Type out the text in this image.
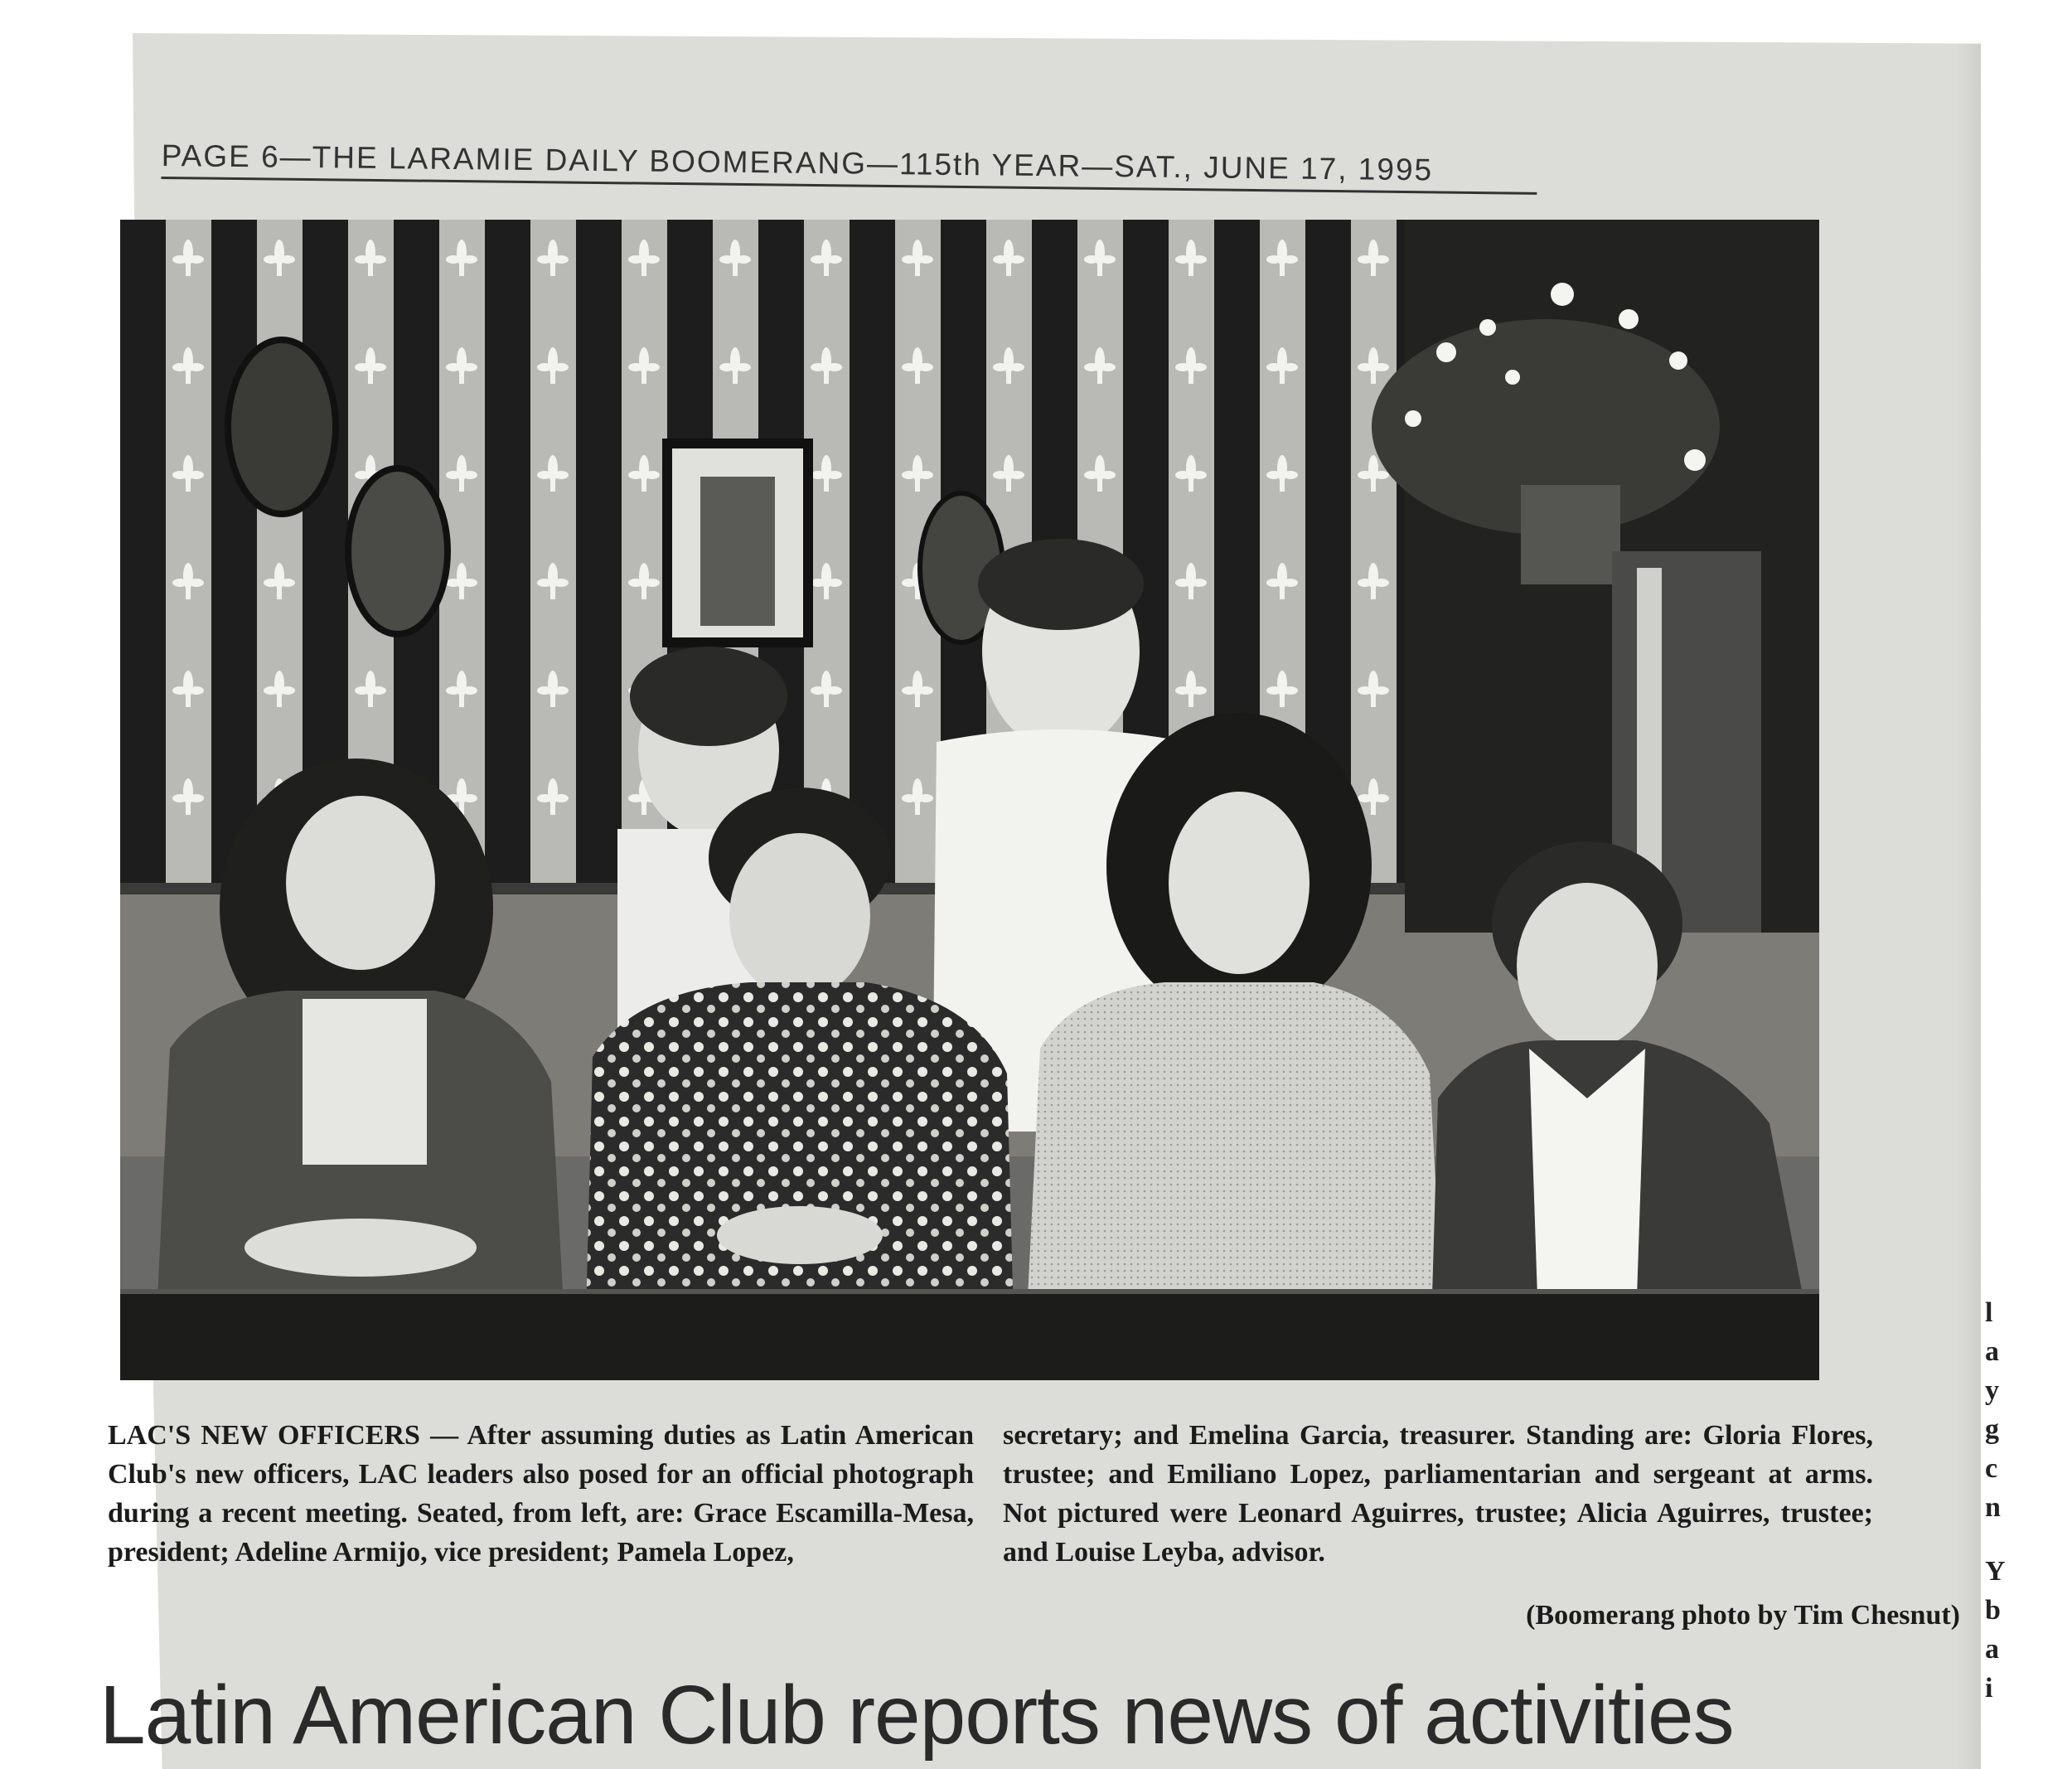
PAGE 6—THE LARAMIE DAILY BOOMERANG—115th YEAR—SAT., JUNE 17, 1995
LAC'S NEW OFFICERS — After assuming duties as Latin American Club's new officers, LAC leaders also posed for an official photograph during a recent meeting. Seated, from left, are: Grace Escamilla-Mesa, president; Adeline Armijo, vice president; Pamela Lopez,
secretary; and Emelina Garcia, treasurer. Standing are: Gloria Flores, trustee; and Emiliano Lopez, parliamentarian and sergeant at arms. Not pictured were Leonard Aguirres, trustee; Alicia Aguirres, trustee; and Louise Leyba, advisor.
(Boomerang photo by Tim Chesnut)
Latin American Club reports news of activities
l
a
y
g
c
n
Y
b
a
i
